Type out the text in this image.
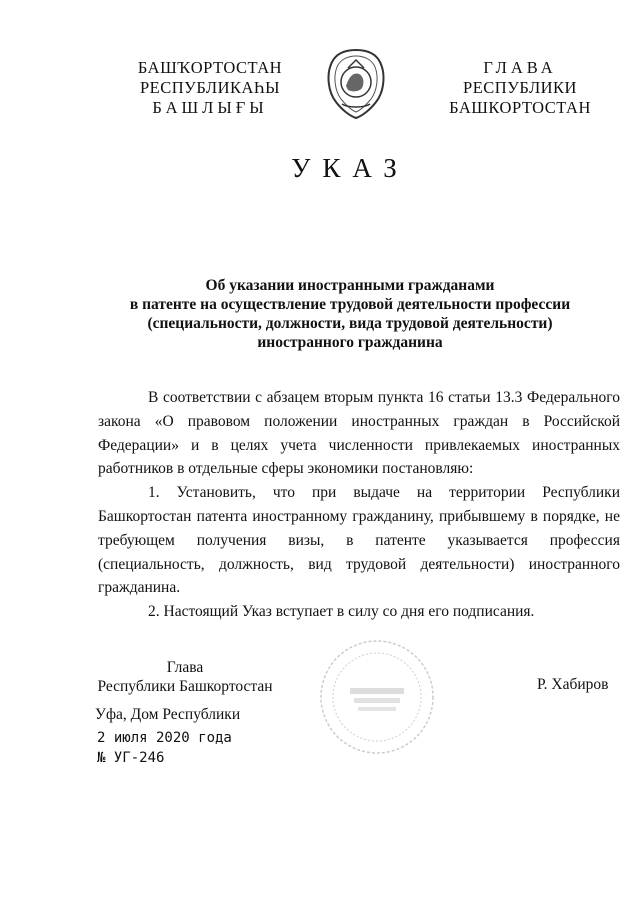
БАШҠОРТОСТАН
РЕСПУБЛИКАҺЫ
БАШЛЫҒЫ
ГЛАВА
РЕСПУБЛИКИ
БАШКОРТОСТАН
УКАЗ
Об указании иностранными гражданами
в патенте на осуществление трудовой деятельности профессии
(специальности, должности, вида трудовой деятельности)
иностранного гражданина

В соответствии с абзацем вторым пункта 16 статьи 13.3 Федерального закона «О правовом положении иностранных граждан в Российской Федерации» и в целях учета численности привлекаемых иностранных работников в отдельные сферы экономики постановляю:

1. Установить, что при выдаче на территории Республики Башкортостан патента иностранному гражданину, прибывшему в порядке, не требующем получения визы, в патенте указывается профессия (специальность, должность, вид трудовой деятельности) иностранного гражданина.

2. Настоящий Указ вступает в силу со дня его подписания.

Глава
Республики Башкортостан	Р. Хабиров
Уфа, Дом Республики
2 июля 2020 года
№ УГ-246
